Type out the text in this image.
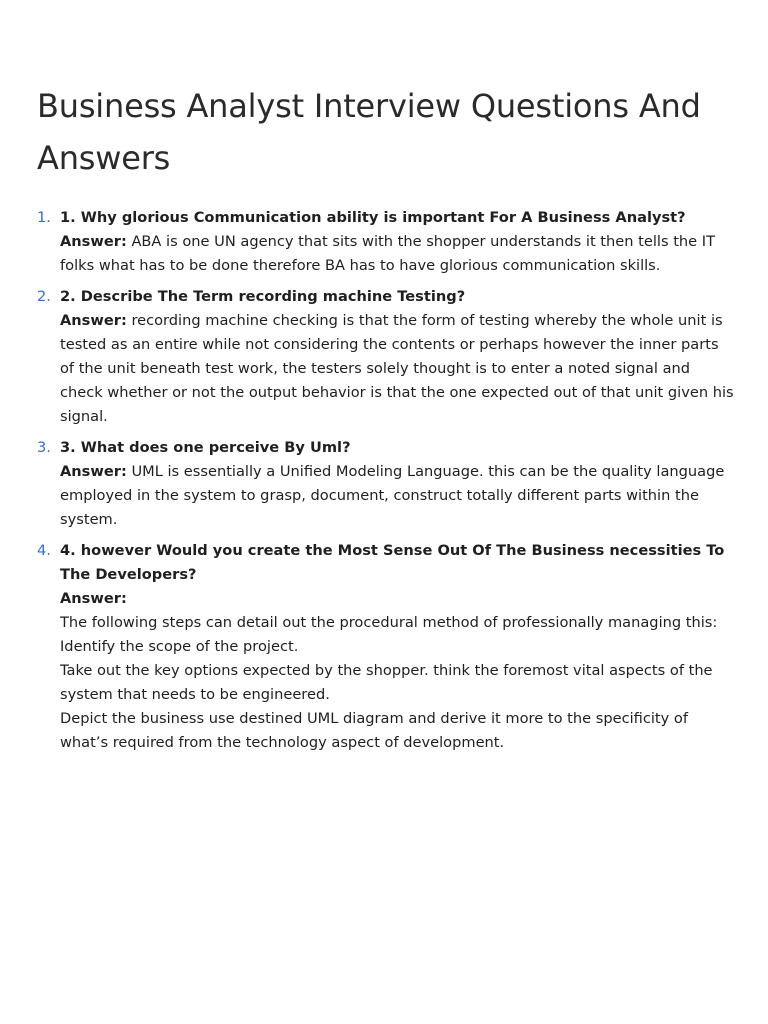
Business Analyst Interview Questions And Answers
1. 1. Why glorious Communication ability is important For A Business Analyst?
Answer: ABA is one UN agency that sits with the shopper understands it then tells the IT folks what has to be done therefore BA has to have glorious communication skills.
2. 2. Describe The Term recording machine Testing?
Answer: recording machine checking is that the form of testing whereby the whole unit is tested as an entire while not considering the contents or perhaps however the inner parts of the unit beneath test work, the testers solely thought is to enter a noted signal and check whether or not the output behavior is that the one expected out of that unit given his signal.
3. 3. What does one perceive By Uml?
Answer: UML is essentially a Unified Modeling Language. this can be the quality language employed in the system to grasp, document, construct totally different parts within the system.
4. 4. however Would you create the Most Sense Out Of The Business necessities To The Developers?
Answer:
The following steps can detail out the procedural method of professionally managing this:
Identify the scope of the project.
Take out the key options expected by the shopper. think the foremost vital aspects of the system that needs to be engineered.
Depict the business use destined UML diagram and derive it more to the specificity of what’s required from the technology aspect of development.
